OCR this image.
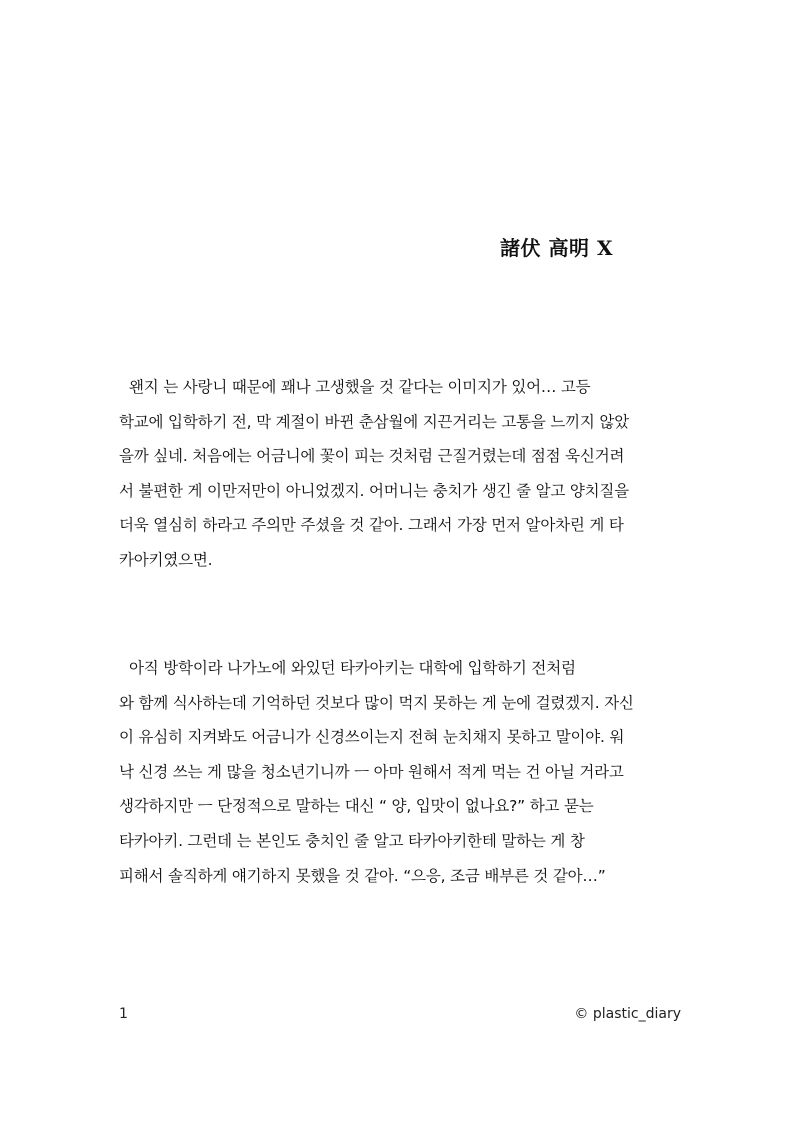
諸伏 高明 X
왠지 는 사랑니 때문에 꽤나 고생했을 것 같다는 이미지가 있어… 고등
학교에 입학하기 전, 막 계절이 바뀐 춘삼월에 지끈거리는 고통을 느끼지 않았
을까 싶네. 처음에는 어금니에 꽃이 피는 것처럼 근질거렸는데 점점 욱신거려
서 불편한 게 이만저만이 아니었겠지. 어머니는 충치가 생긴 줄 알고 양치질을
더욱 열심히 하라고 주의만 주셨을 것 같아. 그래서 가장 먼저 알아차린 게 타
카아키였으면.
아직 방학이라 나가노에 와있던 타카아키는 대학에 입학하기 전처럼
와 함께 식사하는데 기억하던 것보다 많이 먹지 못하는 게 눈에 걸렸겠지. 자신
이 유심히 지켜봐도 어금니가 신경쓰이는지 전혀 눈치채지 못하고 말이야. 워
낙 신경 쓰는 게 많을 청소년기니까 ㅡ 아마 원해서 적게 먹는 건 아닐 거라고
생각하지만 ㅡ 단정적으로 말하는 대신 “ 양, 입맛이 없나요?” 하고 묻는
타카아키. 그런데 는 본인도 충치인 줄 알고 타카아키한테 말하는 게 창
피해서 솔직하게 얘기하지 못했을 것 같아. “으응, 조금 배부른 것 같아…”
1	© plastic_diary
